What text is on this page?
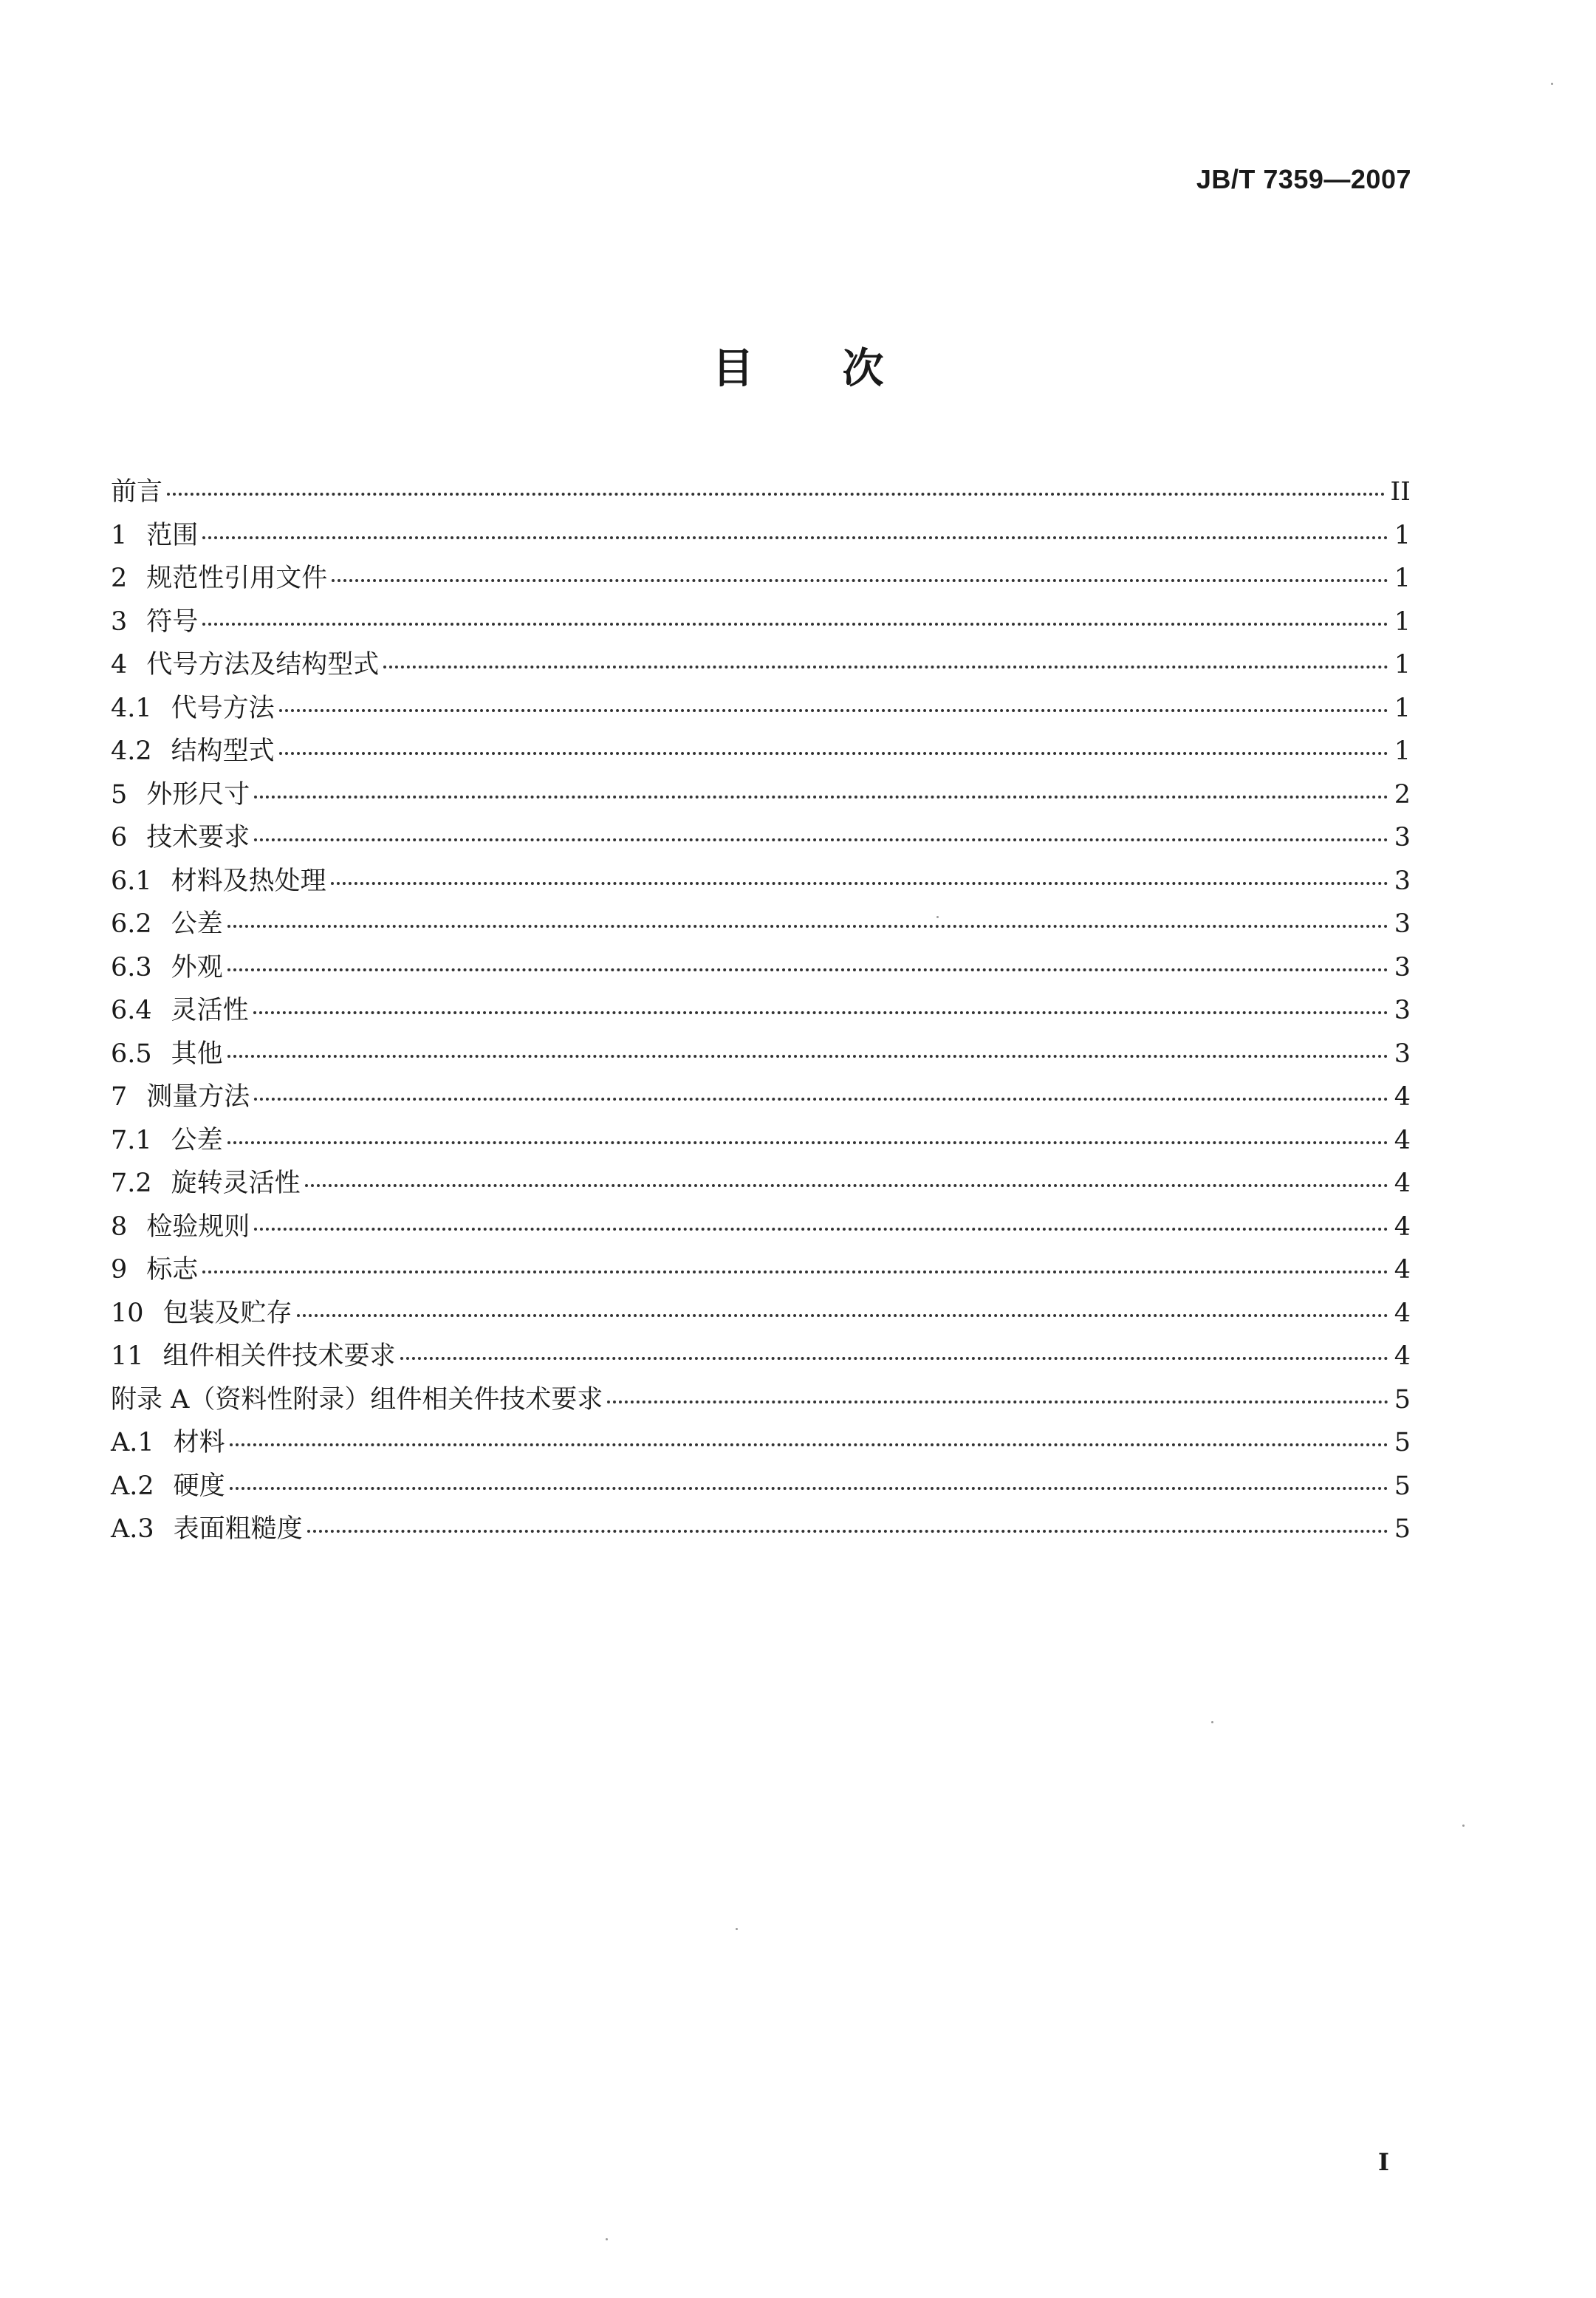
JB/T 7359—2007
目次
前言	II
1 范围	1
2 规范性引用文件	1
3 符号	1
4 代号方法及结构型式	1
4.1 代号方法	1
4.2 结构型式	1
5 外形尺寸	2
6 技术要求	3
6.1 材料及热处理	3
6.2 公差	3
6.3 外观	3
6.4 灵活性	3
6.5 其他	3
7 测量方法	4
7.1 公差	4
7.2 旋转灵活性	4
8 检验规则	4
9 标志	4
10 包装及贮存	4
11 组件相关件技术要求	4
附录 A（资料性附录）组件相关件技术要求	5
A.1 材料	5
A.2 硬度	5
A.3 表面粗糙度	5
I
